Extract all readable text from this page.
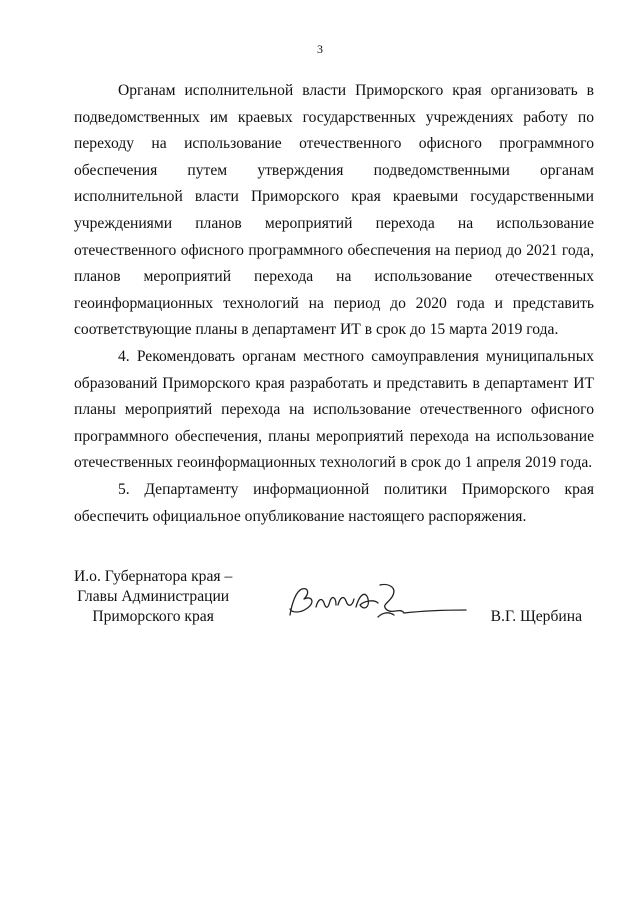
3

Органам исполнительной власти Приморского края организовать в подведомственных им краевых государственных учреждениях работу по переходу на использование отечественного офисного программного обеспечения путем утверждения подведомственными органам исполнительной власти Приморского края краевыми государственными учреждениями планов мероприятий перехода на использование отечественного офисного программного обеспечения на период до 2021 года, планов мероприятий перехода на использование отечественных геоинформационных технологий на период до 2020 года и представить соответствующие планы в департамент ИТ в срок до 15 марта 2019 года.

4. Рекомендовать органам местного самоуправления муниципальных образований Приморского края разработать и представить в департамент ИТ планы мероприятий перехода на использование отечественного офисного программного обеспечения, планы мероприятий перехода на использование отечественных геоинформационных технологий в срок до 1 апреля 2019 года.

5. Департаменту информационной политики Приморского края обеспечить официальное опубликование настоящего распоряжения.

И.о. Губернатора края –
Главы Администрации
Приморского края	В.Г. Щербина
